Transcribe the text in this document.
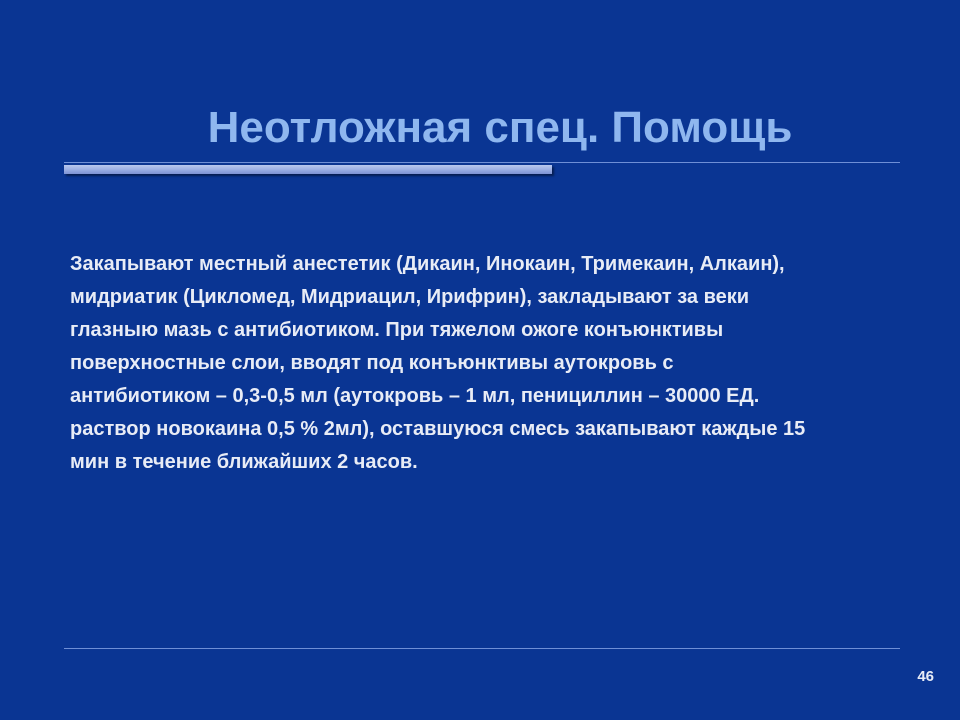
Неотложная спец. Помощь
Закапывают местный анестетик (Дикаин, Инокаин, Тримекаин, Алкаин),
мидриатик (Цикломед, Мидриацил, Ирифрин), закладывают за веки
глазныю мазь с антибиотиком. При тяжелом ожоге конъюнктивы
поверхностные слои, вводят под конъюнктивы аутокровь с
антибиотиком – 0,3-0,5 мл (аутокровь – 1 мл, пенициллин – 30000 ЕД.
раствор новокаина 0,5 % 2мл), оставшуюся смесь закапывают каждые 15
мин в течение ближайших 2 часов.
46
